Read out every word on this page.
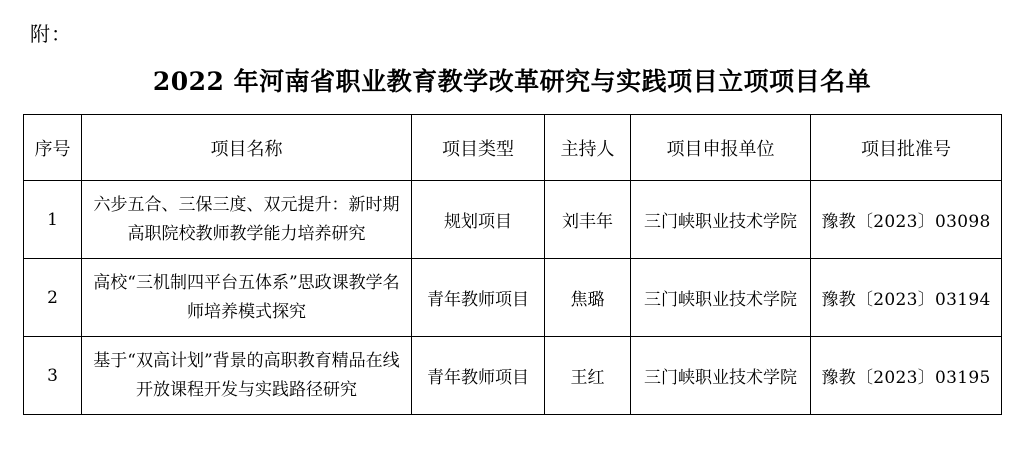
附：
2022 年河南省职业教育教学改革研究与实践项目立项项目名单
序号	项目名称	项目类型	主持人	项目申报单位	项目批准号
1	六步五合、三保三度、双元提升：新时期高职院校教师教学能力培养研究	规划项目	刘丰年	三门峡职业技术学院	豫教〔2023〕03098
2	高校“三机制四平台五体系”思政课教学名师培养模式探究	青年教师项目	焦璐	三门峡职业技术学院	豫教〔2023〕03194
3	基于“双高计划”背景的高职教育精品在线开放课程开发与实践路径研究	青年教师项目	王红	三门峡职业技术学院	豫教〔2023〕03195
